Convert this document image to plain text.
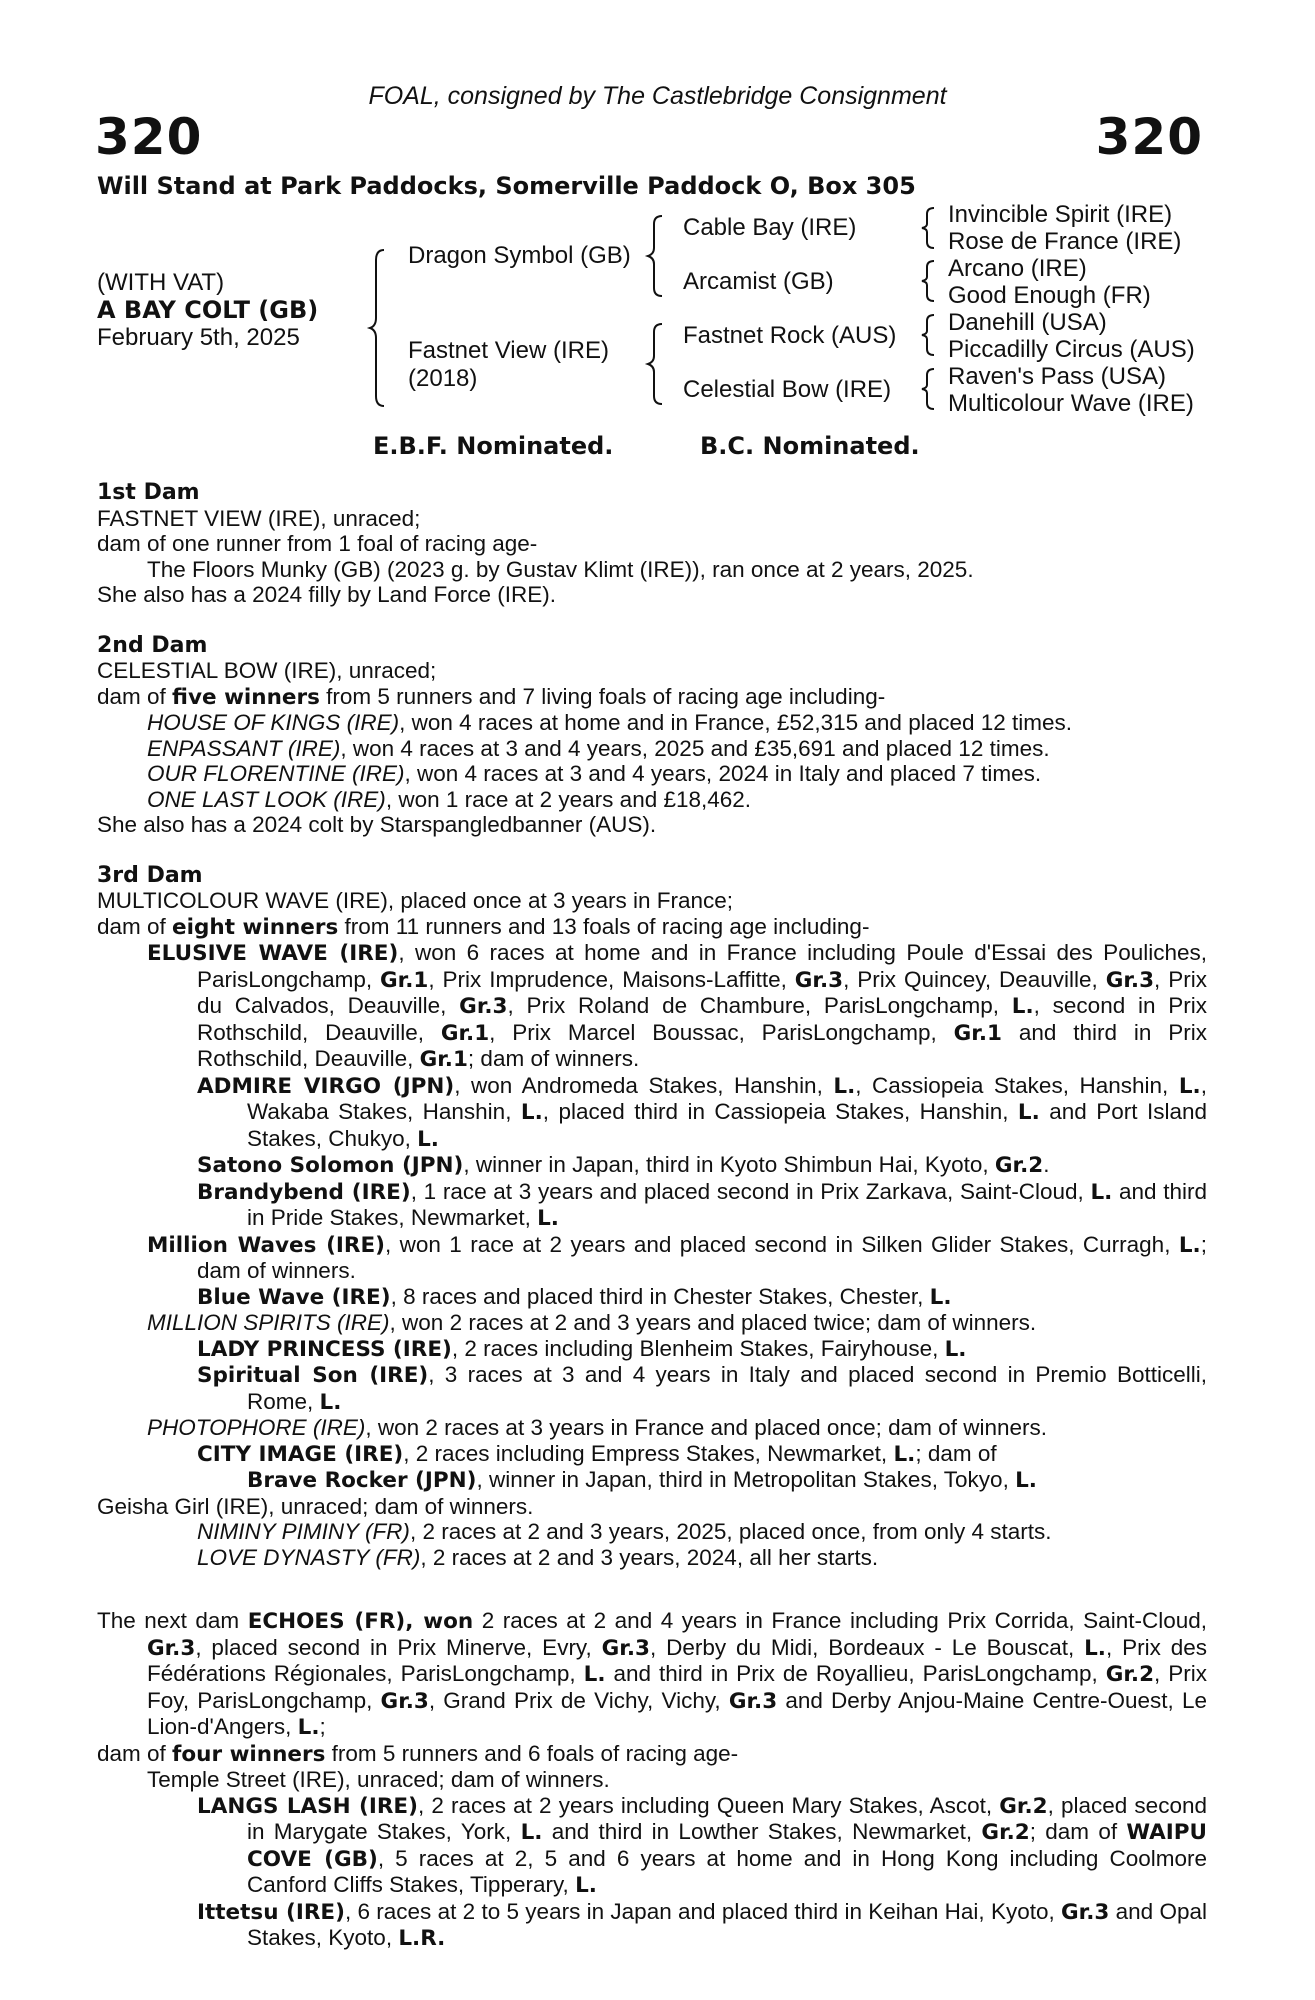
FOAL, consigned by The Castlebridge Consignment
320	320
Will Stand at Park Paddocks, Somerville Paddock O, Box 305
(WITH VAT)
A BAY COLT (GB)
February 5th, 2025
Dragon Symbol (GB)
Fastnet View (IRE)
(2018)
Cable Bay (IRE)
Arcamist (GB)
Fastnet Rock (AUS)
Celestial Bow (IRE)
Invincible Spirit (IRE)
Rose de France (IRE)
Arcano (IRE)
Good Enough (FR)
Danehill (USA)
Piccadilly Circus (AUS)
Raven's Pass (USA)
Multicolour Wave (IRE)
E.B.F. Nominated.	B.C. Nominated.

1st Dam

FASTNET VIEW (IRE), unraced;

dam of one runner from 1 foal of racing age-

The Floors Munky (GB) (2023 g. by Gustav Klimt (IRE)), ran once at 2 years, 2025.

She also has a 2024 filly by Land Force (IRE).

2nd Dam

CELESTIAL BOW (IRE), unraced;

dam of five winners from 5 runners and 7 living foals of racing age including-

HOUSE OF KINGS (IRE), won 4 races at home and in France, £52,315 and placed 12 times.

ENPASSANT (IRE), won 4 races at 3 and 4 years, 2025 and £35,691 and placed 12 times.

OUR FLORENTINE (IRE), won 4 races at 3 and 4 years, 2024 in Italy and placed 7 times.

ONE LAST LOOK (IRE), won 1 race at 2 years and £18,462.

She also has a 2024 colt by Starspangledbanner (AUS).

3rd Dam

MULTICOLOUR WAVE (IRE), placed once at 3 years in France;

dam of eight winners from 11 runners and 13 foals of racing age including-

ELUSIVE WAVE (IRE), won 6 races at home and in France including Poule d'Essai des Pouliches, ParisLongchamp, Gr.1, Prix Imprudence, Maisons-Laffitte, Gr.3, Prix Quincey, Deauville, Gr.3, Prix du Calvados, Deauville, Gr.3, Prix Roland de Chambure, ParisLongchamp, L., second in Prix Rothschild, Deauville, Gr.1, Prix Marcel Boussac, ParisLongchamp, Gr.1 and third in Prix Rothschild, Deauville, Gr.1; dam of winners.

ADMIRE VIRGO (JPN), won Andromeda Stakes, Hanshin, L., Cassiopeia Stakes, Hanshin, L., Wakaba Stakes, Hanshin, L., placed third in Cassiopeia Stakes, Hanshin, L. and Port Island Stakes, Chukyo, L.

Satono Solomon (JPN), winner in Japan, third in Kyoto Shimbun Hai, Kyoto, Gr.2.

Brandybend (IRE), 1 race at 3 years and placed second in Prix Zarkava, Saint-Cloud, L. and third in Pride Stakes, Newmarket, L.

Million Waves (IRE), won 1 race at 2 years and placed second in Silken Glider Stakes, Curragh, L.; dam of winners.

Blue Wave (IRE), 8 races and placed third in Chester Stakes, Chester, L.

MILLION SPIRITS (IRE), won 2 races at 2 and 3 years and placed twice; dam of winners.

LADY PRINCESS (IRE), 2 races including Blenheim Stakes, Fairyhouse, L.

Spiritual Son (IRE), 3 races at 3 and 4 years in Italy and placed second in Premio Botticelli, Rome, L.

PHOTOPHORE (IRE), won 2 races at 3 years in France and placed once; dam of winners.

CITY IMAGE (IRE), 2 races including Empress Stakes, Newmarket, L.; dam of

Brave Rocker (JPN), winner in Japan, third in Metropolitan Stakes, Tokyo, L.

Geisha Girl (IRE), unraced; dam of winners.

NIMINY PIMINY (FR), 2 races at 2 and 3 years, 2025, placed once, from only 4 starts.

LOVE DYNASTY (FR), 2 races at 2 and 3 years, 2024, all her starts.

The next dam ECHOES (FR), won 2 races at 2 and 4 years in France including Prix Corrida, Saint-Cloud, Gr.3, placed second in Prix Minerve, Evry, Gr.3, Derby du Midi, Bordeaux - Le Bouscat, L., Prix des Fédérations Régionales, ParisLongchamp, L. and third in Prix de Royallieu, ParisLongchamp, Gr.2, Prix Foy, ParisLongchamp, Gr.3, Grand Prix de Vichy, Vichy, Gr.3 and Derby Anjou-Maine Centre-Ouest, Le Lion-d'Angers, L.;

dam of four winners from 5 runners and 6 foals of racing age-

Temple Street (IRE), unraced; dam of winners.

LANGS LASH (IRE), 2 races at 2 years including Queen Mary Stakes, Ascot, Gr.2, placed second in Marygate Stakes, York, L. and third in Lowther Stakes, Newmarket, Gr.2; dam of WAIPU COVE (GB), 5 races at 2, 5 and 6 years at home and in Hong Kong including Coolmore Canford Cliffs Stakes, Tipperary, L.

Ittetsu (IRE), 6 races at 2 to 5 years in Japan and placed third in Keihan Hai, Kyoto, Gr.3 and Opal Stakes, Kyoto, L.R.
